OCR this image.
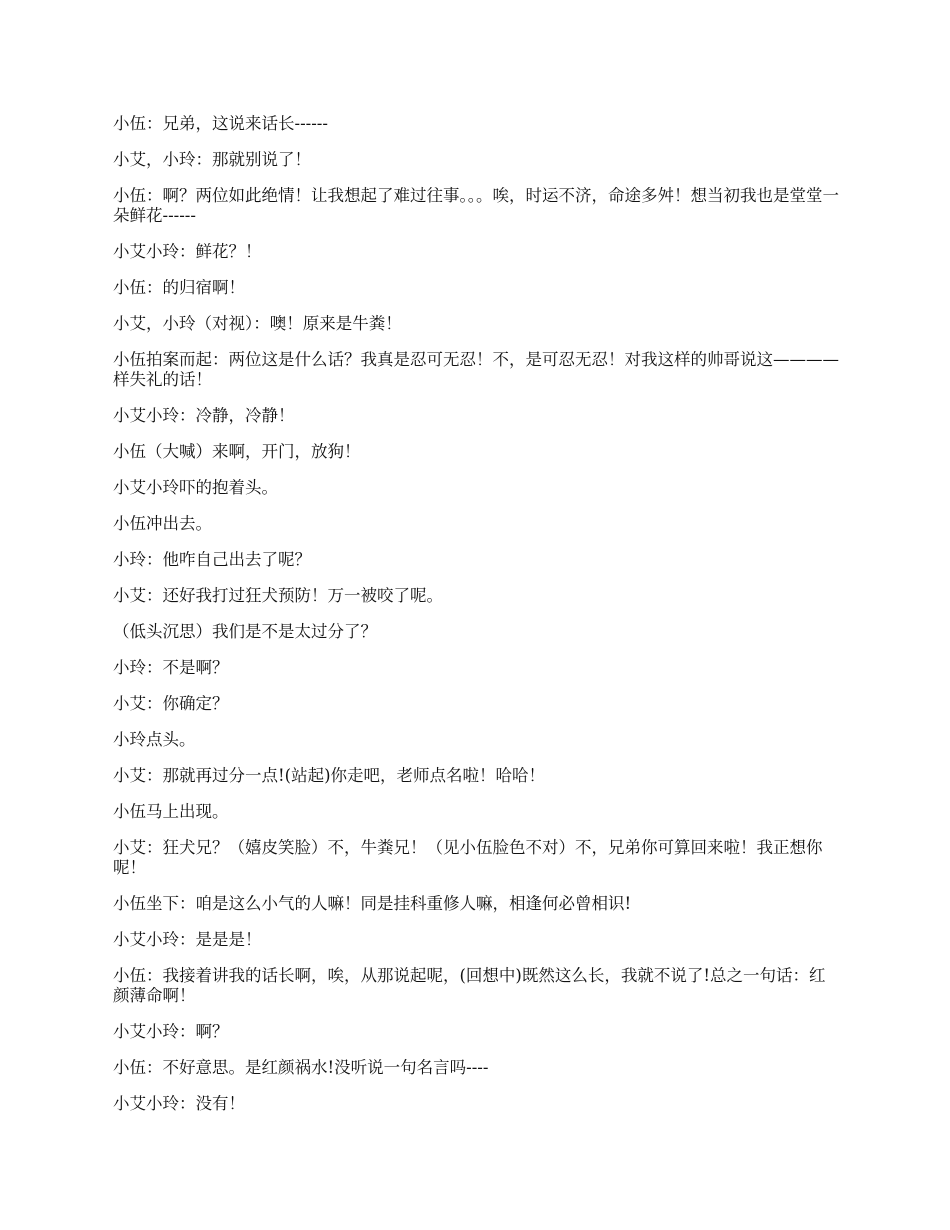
小伍：兄弟，这说来话长------

小艾，小玲：那就别说了！

小伍：啊？两位如此绝情！让我想起了难过往事。。。唉，时运不济，命途多舛！想当初我也是堂堂一朵鲜花------

小艾小玲：鲜花？！

小伍：的归宿啊！

小艾，小玲（对视）：噢！原来是牛粪！

小伍拍案而起：两位这是什么话？我真是忍可无忍！不，是可忍无忍！对我这样的帅哥说这————样失礼的话！

小艾小玲：冷静，冷静！

小伍（大喊）来啊，开门，放狗！

小艾小玲吓的抱着头。

小伍冲出去。

小玲：他咋自己出去了呢？

小艾：还好我打过狂犬预防！万一被咬了呢。

（低头沉思）我们是不是太过分了？

小玲：不是啊？

小艾：你确定？

小玲点头。

小艾：那就再过分一点!(站起)你走吧，老师点名啦！哈哈！

小伍马上出现。

小艾：狂犬兄？（嬉皮笑脸）不，牛粪兄！（见小伍脸色不对）不，兄弟你可算回来啦！我正想你呢！

小伍坐下：咱是这么小气的人嘛！同是挂科重修人嘛，相逢何必曾相识!

小艾小玲：是是是！

小伍：我接着讲我的话长啊，唉，从那说起呢，(回想中)既然这么长，我就不说了!总之一句话：红颜薄命啊！

小艾小玲：啊？

小伍：不好意思。是红颜祸水!没听说一句名言吗----

小艾小玲：没有！
